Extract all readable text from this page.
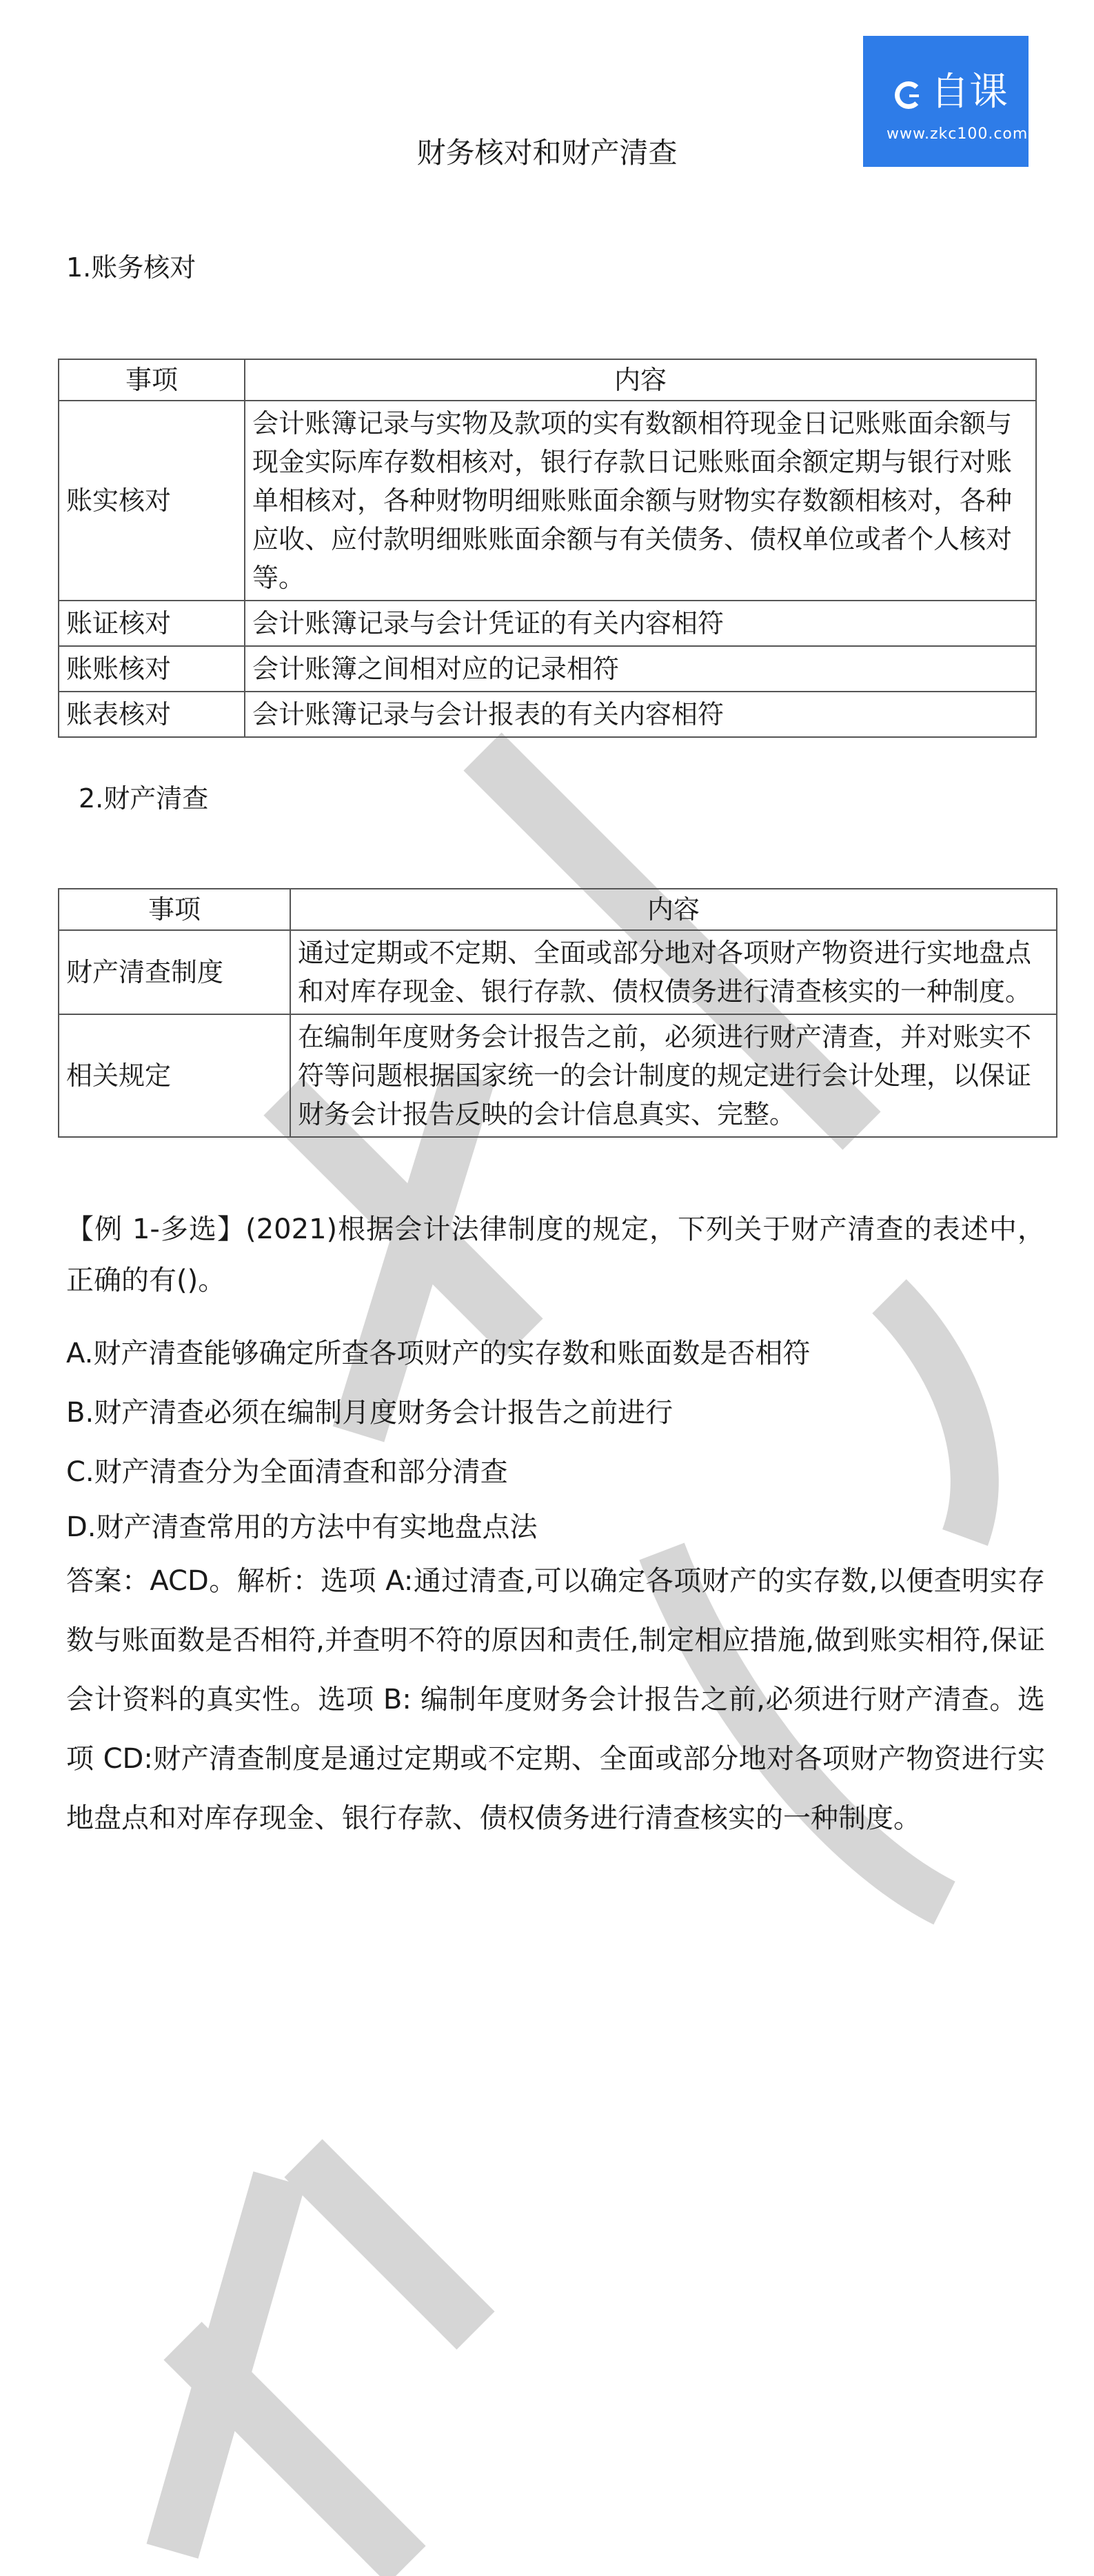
自课
www.zkc100.com
财务核对和财产清查
1.账务核对
事项	内容
账实核对	会计账簿记录与实物及款项的实有数额相符现金日记账账面余额与现金实际库存数相核对，银行存款日记账账面余额定期与银行对账单相核对，各种财物明细账账面余额与财物实存数额相核对，各种应收、应付款明细账账面余额与有关债务、债权单位或者个人核对等。
账证核对	会计账簿记录与会计凭证的有关内容相符
账账核对	会计账簿之间相对应的记录相符
账表核对	会计账簿记录与会计报表的有关内容相符
2.财产清查
事项	内容
财产清查制度	通过定期或不定期、全面或部分地对各项财产物资进行实地盘点和对库存现金、银行存款、债权债务进行清查核实的一种制度。
相关规定	在编制年度财务会计报告之前，必须进行财产清查，并对账实不符等问题根据国家统一的会计制度的规定进行会计处理，以保证财务会计报告反映的会计信息真实、完整。
【例 1-多选】(2021)根据会计法律制度的规定，下列关于财产清查的表述中，正确的有()。
A.财产清查能够确定所查各项财产的实存数和账面数是否相符
B.财产清查必须在编制月度财务会计报告之前进行
C.财产清查分为全面清查和部分清查
D.财产清查常用的方法中有实地盘点法
答案：ACD。解析：选项 A:通过清查,可以确定各项财产的实存数,以便查明实存数与账面数是否相符,并查明不符的原因和责任,制定相应措施,做到账实相符,保证会计资料的真实性。选项 B: 编制年度财务会计报告之前,必须进行财产清查。选项 CD:财产清查制度是通过定期或不定期、全面或部分地对各项财产物资进行实地盘点和对库存现金、银行存款、债权债务进行清查核实的一种制度。
